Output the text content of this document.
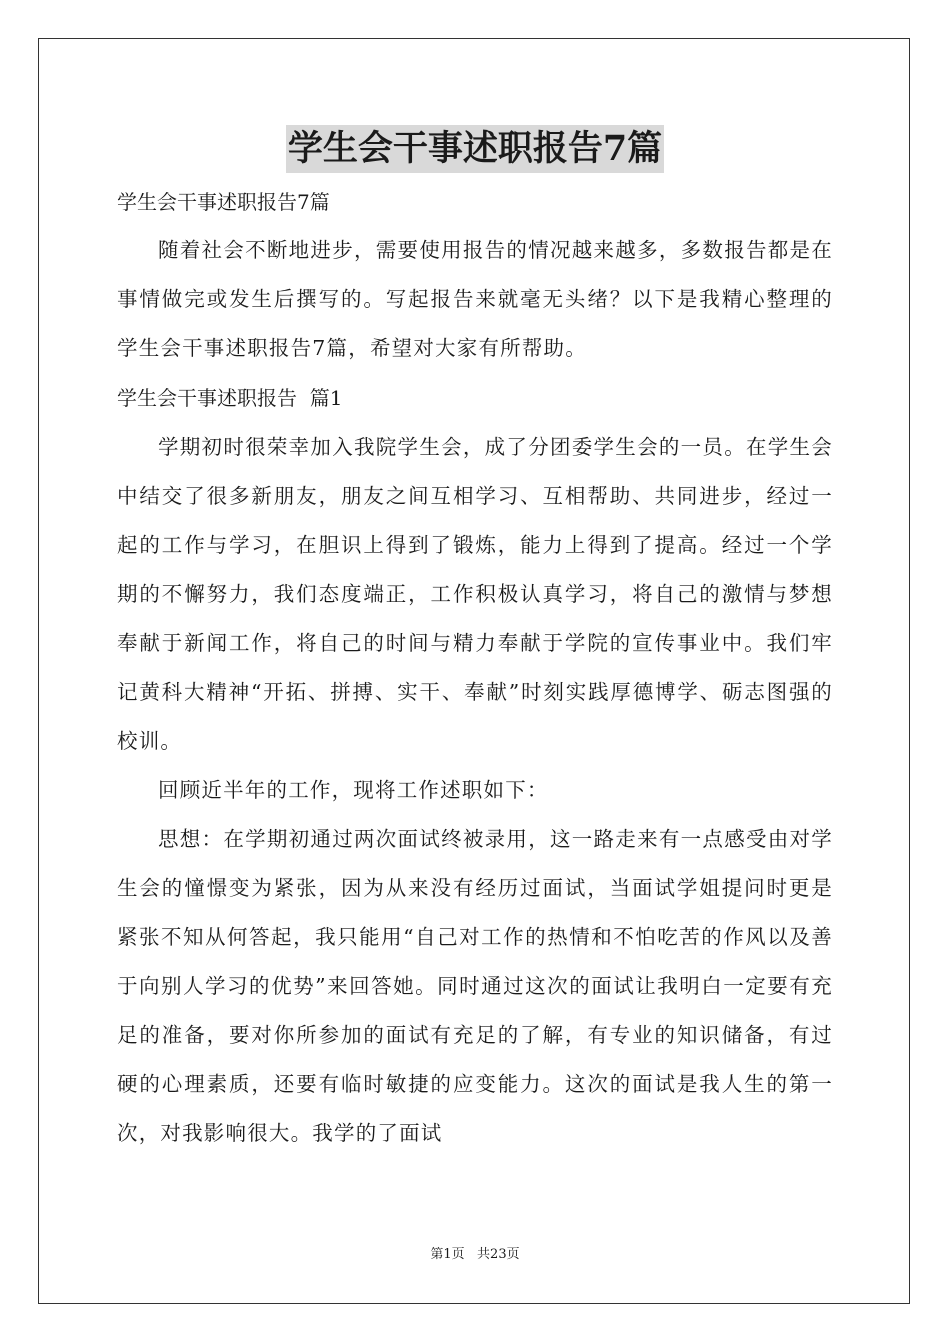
学生会干事述职报告7篇

学生会干事述职报告7篇

随着社会不断地进步，需要使用报告的情况越来越多，多数报告都是在事情做完或发生后撰写的。写起报告来就毫无头绪？以下是我精心整理的学生会干事述职报告7篇，希望对大家有所帮助。

学生会干事述职报告  篇1

学期初时很荣幸加入我院学生会，成了分团委学生会的一员。在学生会中结交了很多新朋友，朋友之间互相学习、互相帮助、共同进步，经过一起的工作与学习，在胆识上得到了锻炼，能力上得到了提高。经过一个学期的不懈努力，我们态度端正，工作积极认真学习，将自己的激情与梦想奉献于新闻工作，将自己的时间与精力奉献于学院的宣传事业中。我们牢记黄科大精神“开拓、拼搏、实干、奉献”时刻实践厚德博学、砺志图强的校训。

回顾近半年的工作，现将工作述职如下：

思想：在学期初通过两次面试终被录用，这一路走来有一点感受由对学生会的憧憬变为紧张，因为从来没有经历过面试，当面试学姐提问时更是紧张不知从何答起，我只能用“自己对工作的热情和不怕吃苦的作风以及善于向别人学习的优势”来回答她。同时通过这次的面试让我明白一定要有充足的准备，要对你所参加的面试有充足的了解，有专业的知识储备，有过硬的心理素质，还要有临时敏捷的应变能力。这次的面试是我人生的第一次，对我影响很大。我学的了面试

第1页   共23页
